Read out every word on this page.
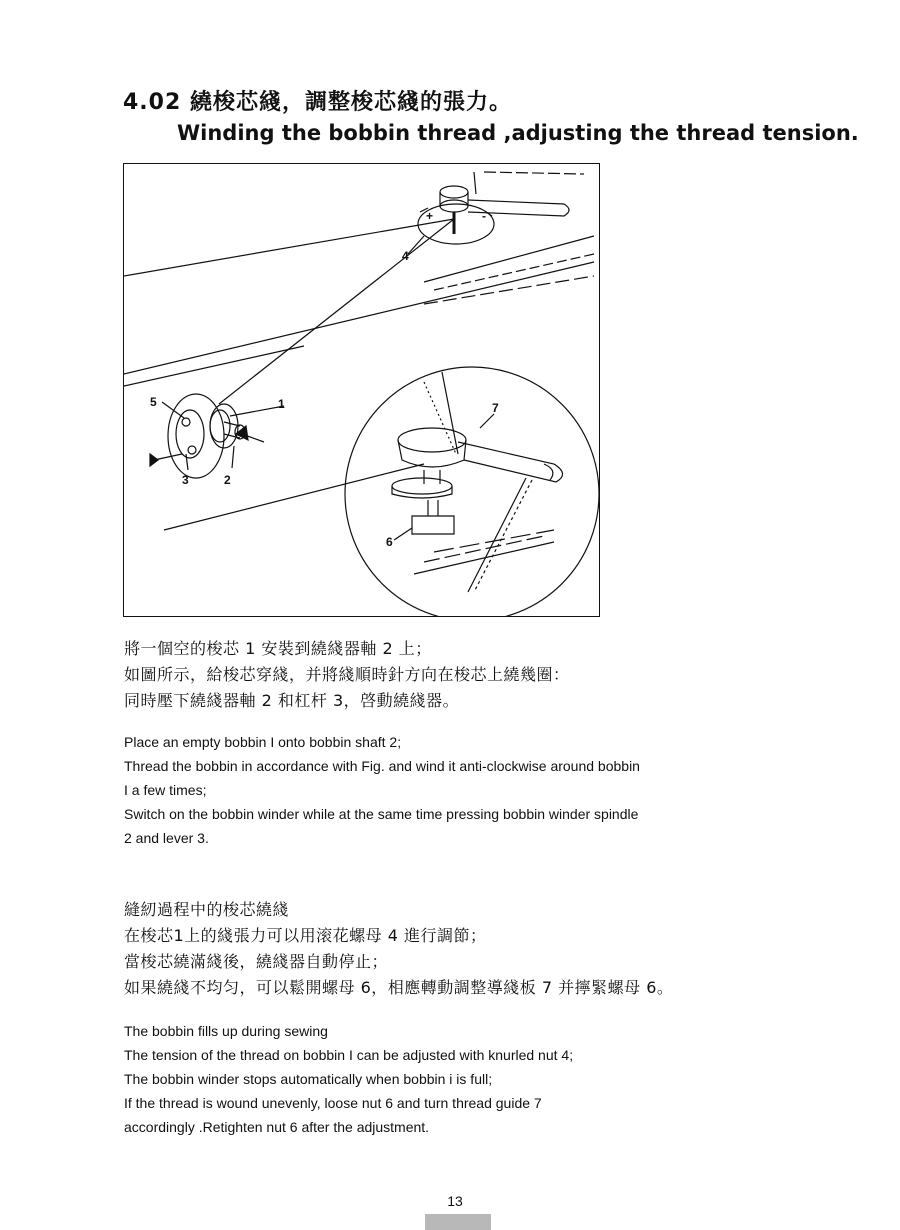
4.02 繞梭芯綫，調整梭芯綫的張力。
Winding the bobbin thread ,adjusting the thread tension.
+	-
4
1
5
3	2
7
6
將一個空的梭芯 1 安裝到繞綫器軸 2 上；
如圖所示，給梭芯穿綫，并將綫順時針方向在梭芯上繞幾圈：
同時壓下繞綫器軸 2 和杠杆 3，啓動繞綫器。
Place an empty bobbin I onto bobbin shaft 2;
Thread the bobbin in accordance with Fig. and wind it anti-clockwise around bobbin
I a few times;
Switch on the bobbin winder while at the same time pressing bobbin winder spindle
2 and lever 3.
縫紉過程中的梭芯繞綫
在梭芯1上的綫張力可以用滚花螺母 4 進行調節；
當梭芯繞滿綫後，繞綫器自動停止；
如果繞綫不均匀，可以鬆開螺母 6，相應轉動調整導綫板 7 并擰緊螺母 6。
The bobbin fills up during sewing
The tension of the thread on bobbin I can be adjusted with knurled nut 4;
The bobbin winder stops automatically when bobbin i is full;
If the thread is wound unevenly, loose nut 6 and turn thread guide 7
accordingly .Retighten nut 6 after the adjustment.
13
